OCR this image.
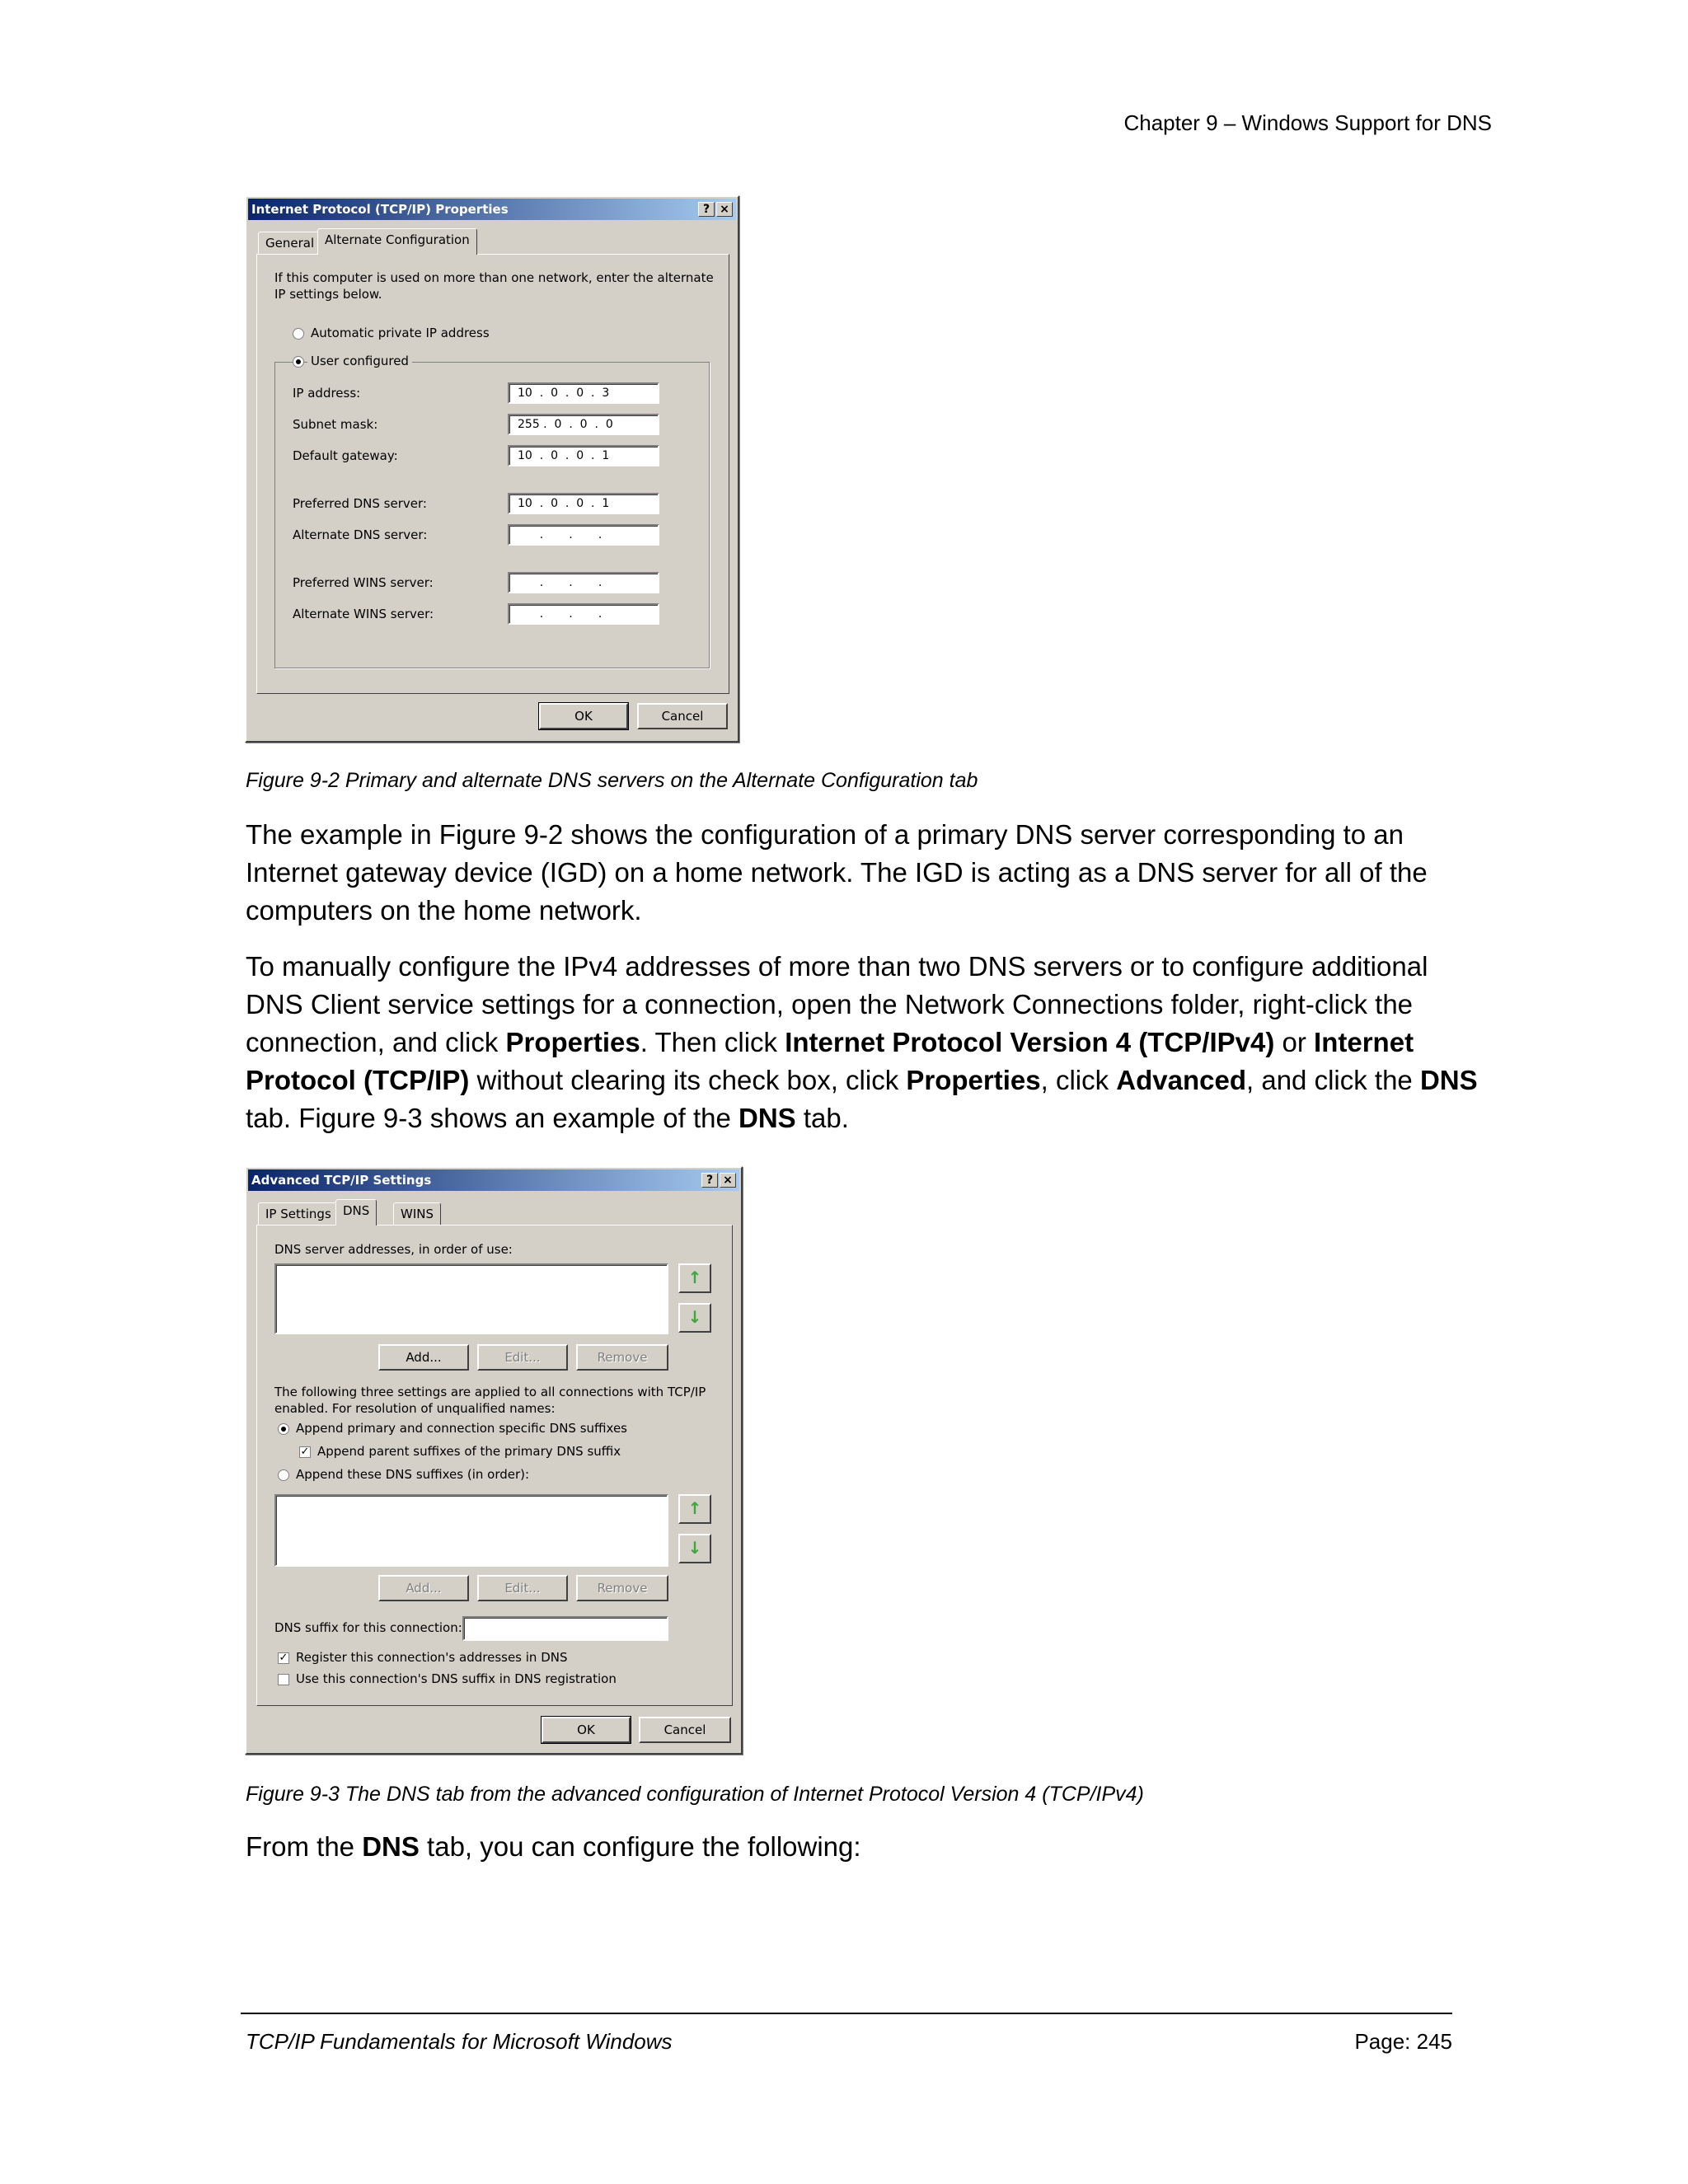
Chapter 9 – Windows Support for DNS
Internet Protocol (TCP/IP) Properties	? ×
General Alternate Configuration
If this computer is used on more than one network, enter the alternate IP settings below.
Automatic private IP address
User configured
IP address:	10  .  0  .  0  .  3
Subnet mask:	255 .  0  .  0  .  0
Default gateway:	10  .  0  .  0  .  1
Preferred DNS server:	10  .  0  .  0  .  1
Alternate DNS server:	.       .       .
Preferred WINS server:	.       .       .
Alternate WINS server:	.       .       .
OK	Cancel
Figure 9-2 Primary and alternate DNS servers on the Alternate Configuration tab

The example in Figure 9-2 shows the configuration of a primary DNS server corresponding to an Internet gateway device (IGD) on a home network. The IGD is acting as a DNS server for all of the computers on the home network.

To manually configure the IPv4 addresses of more than two DNS servers or to configure additional DNS Client service settings for a connection, open the Network Connections folder, right-click the connection, and click Properties. Then click Internet Protocol Version 4 (TCP/IPv4) or Internet Protocol (TCP/IP) without clearing its check box, click Properties, click Advanced, and click the DNS tab. Figure 9-3 shows an example of the DNS tab.

Advanced TCP/IP Settings	? ×
IP Settings DNS	WINS
DNS server addresses, in order of use:
↑
↓
Add...	Edit...	Remove
The following three settings are applied to all connections with TCP/IP enabled. For resolution of unqualified names:
Append primary and connection specific DNS suffixes
✓ Append parent suffixes of the primary DNS suffix
Append these DNS suffixes (in order):
↑
↓
Add...	Edit...	Remove
DNS suffix for this connection:
✓ Register this connection's addresses in DNS
Use this connection's DNS suffix in DNS registration
OK	Cancel
Figure 9-3 The DNS tab from the advanced configuration of Internet Protocol Version 4 (TCP/IPv4)

From the DNS tab, you can configure the following:

TCP/IP Fundamentals for Microsoft Windows	Page: 245
